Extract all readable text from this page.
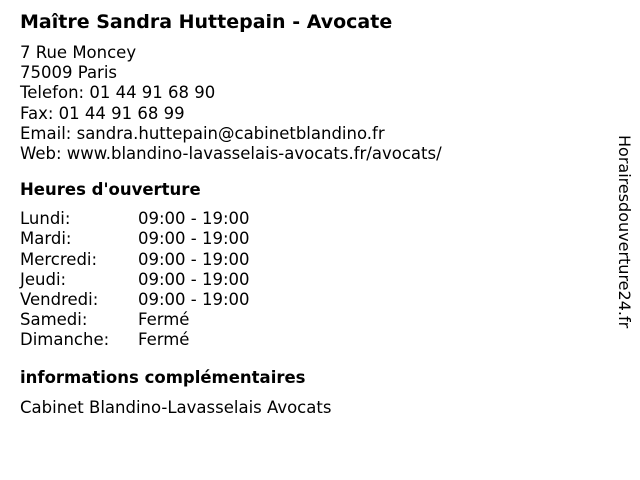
Maître Sandra Huttepain - Avocate
7 Rue Moncey
75009 Paris
Telefon: 01 44 91 68 90
Fax: 01 44 91 68 99
Email: sandra.huttepain@cabinetblandino.fr
Web: www.blandino-lavasselais-avocats.fr/avocats/
Heures d'ouverture
Lundi:	09:00 - 19:00
Mardi:	09:00 - 19:00
Mercredi:	09:00 - 19:00
Jeudi:	09:00 - 19:00
Vendredi:	09:00 - 19:00
Samedi:	Fermé
Dimanche:	Fermé
informations complémentaires
Cabinet Blandino-Lavasselais Avocats
Horairesdouverture24.fr
